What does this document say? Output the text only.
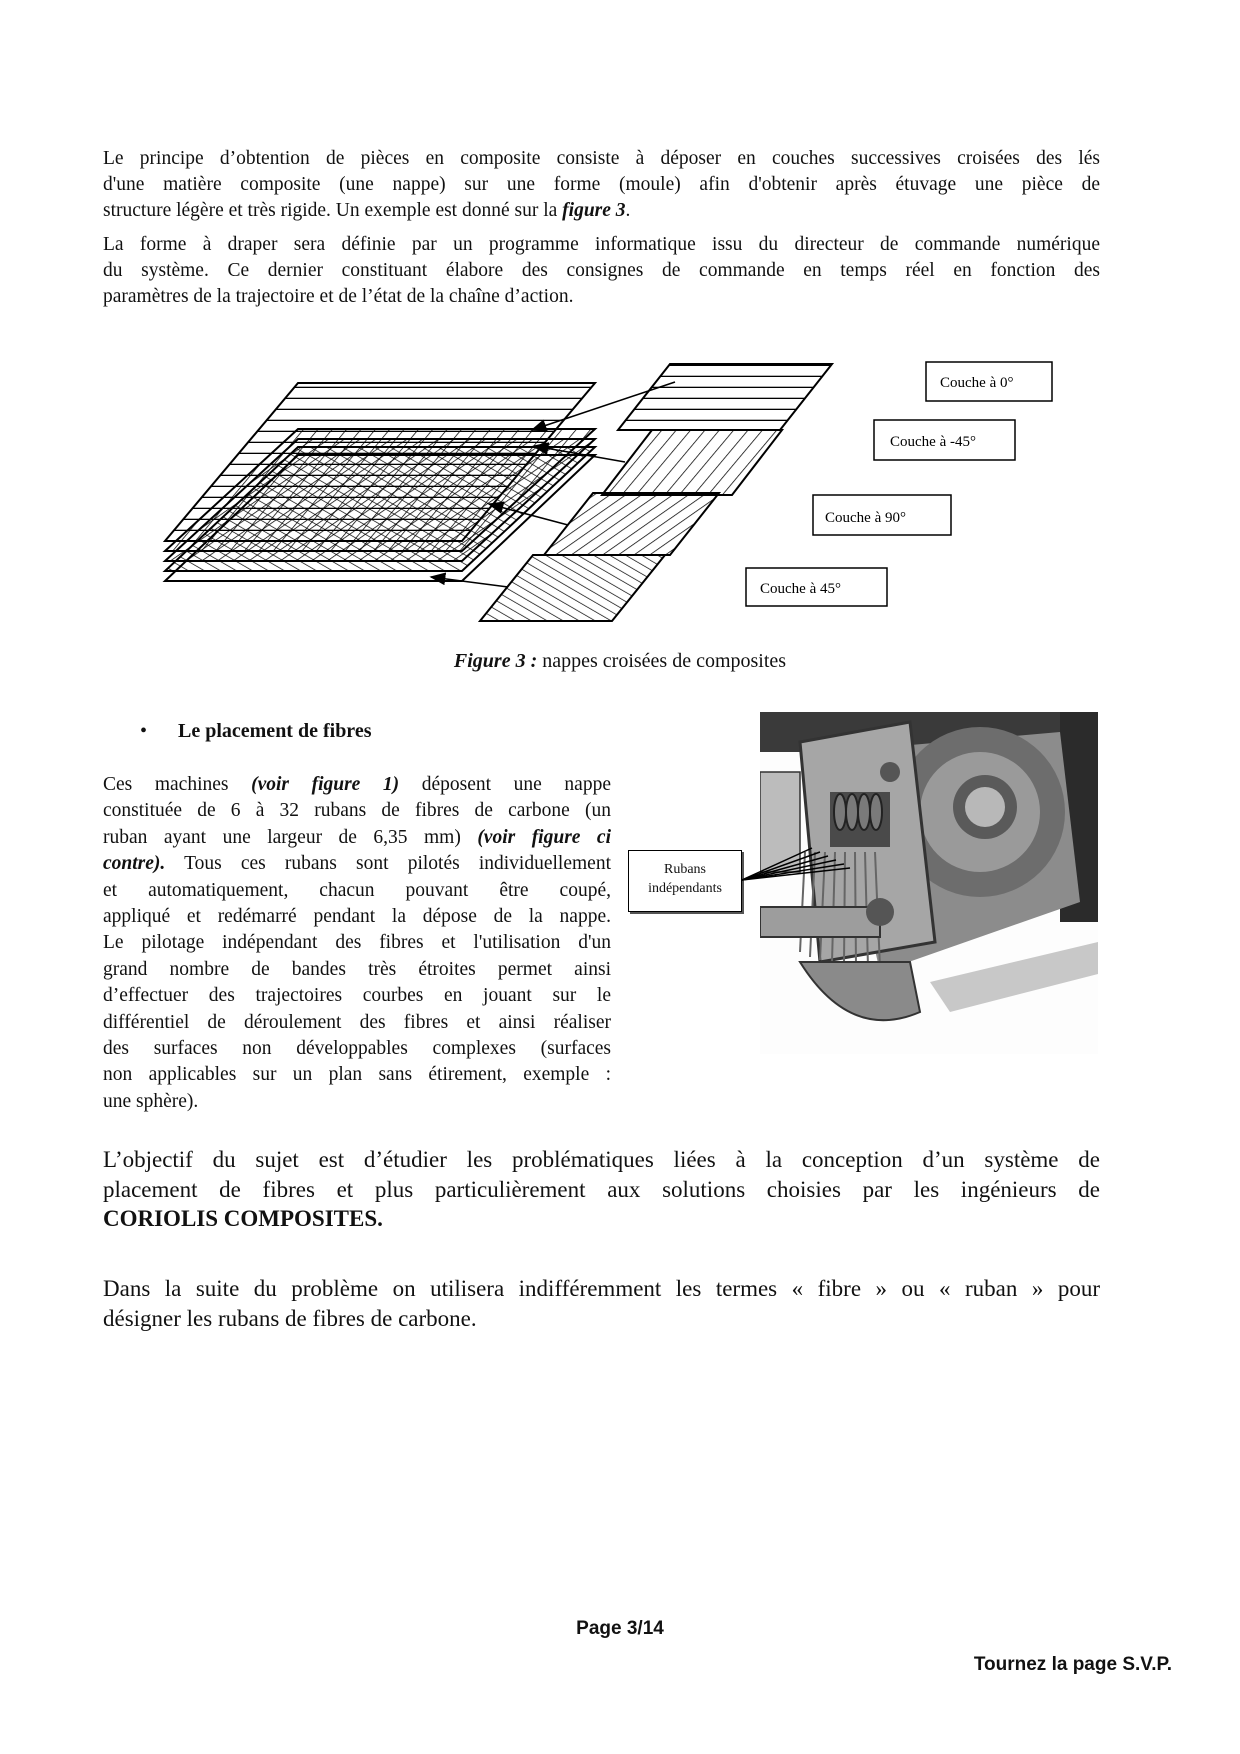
Le principe d’obtention de pièces en composite consiste à déposer en couches successives croisées des lés
d'une matière composite (une nappe) sur une forme (moule) afin d'obtenir après étuvage une pièce de
structure légère et très rigide. Un exemple est donné sur la figure 3.

La forme à draper sera définie par un programme informatique issu du directeur de commande numérique
du système. Ce dernier constituant élabore des consignes de commande en temps réel en fonction des
paramètres de la trajectoire et de l’état de la chaîne d’action.

Couche à 0°
Couche à -45°
Couche à 90°
Couche à 45°
Figure 3 : nappes croisées de composites
• Le placement de fibres

Ces machines (voir figure 1) déposent une nappe
constituée de 6 à 32 rubans de fibres de carbone (un
ruban ayant une largeur de 6,35 mm) (voir figure ci
contre). Tous ces rubans sont pilotés individuellement
et automatiquement, chacun pouvant être coupé,
appliqué et redémarré pendant la dépose de la nappe.
Le pilotage indépendant des fibres et l'utilisation d'un
grand nombre de bandes très étroites permet ainsi
d’effectuer des trajectoires courbes en jouant sur le
différentiel de déroulement des fibres et ainsi réaliser
des surfaces non développables complexes (surfaces
non applicables sur un plan sans étirement, exemple :
une sphère).

Rubans
indépendants

L’objectif du sujet est d’étudier les problématiques liées à la conception d’un système de
placement de fibres et plus particulièrement aux solutions choisies par les ingénieurs de
CORIOLIS COMPOSITES.

Dans la suite du problème on utilisera indifféremment les termes « fibre » ou « ruban » pour
désigner les rubans de fibres de carbone.

Page 3/14
Tournez la page S.V.P.
